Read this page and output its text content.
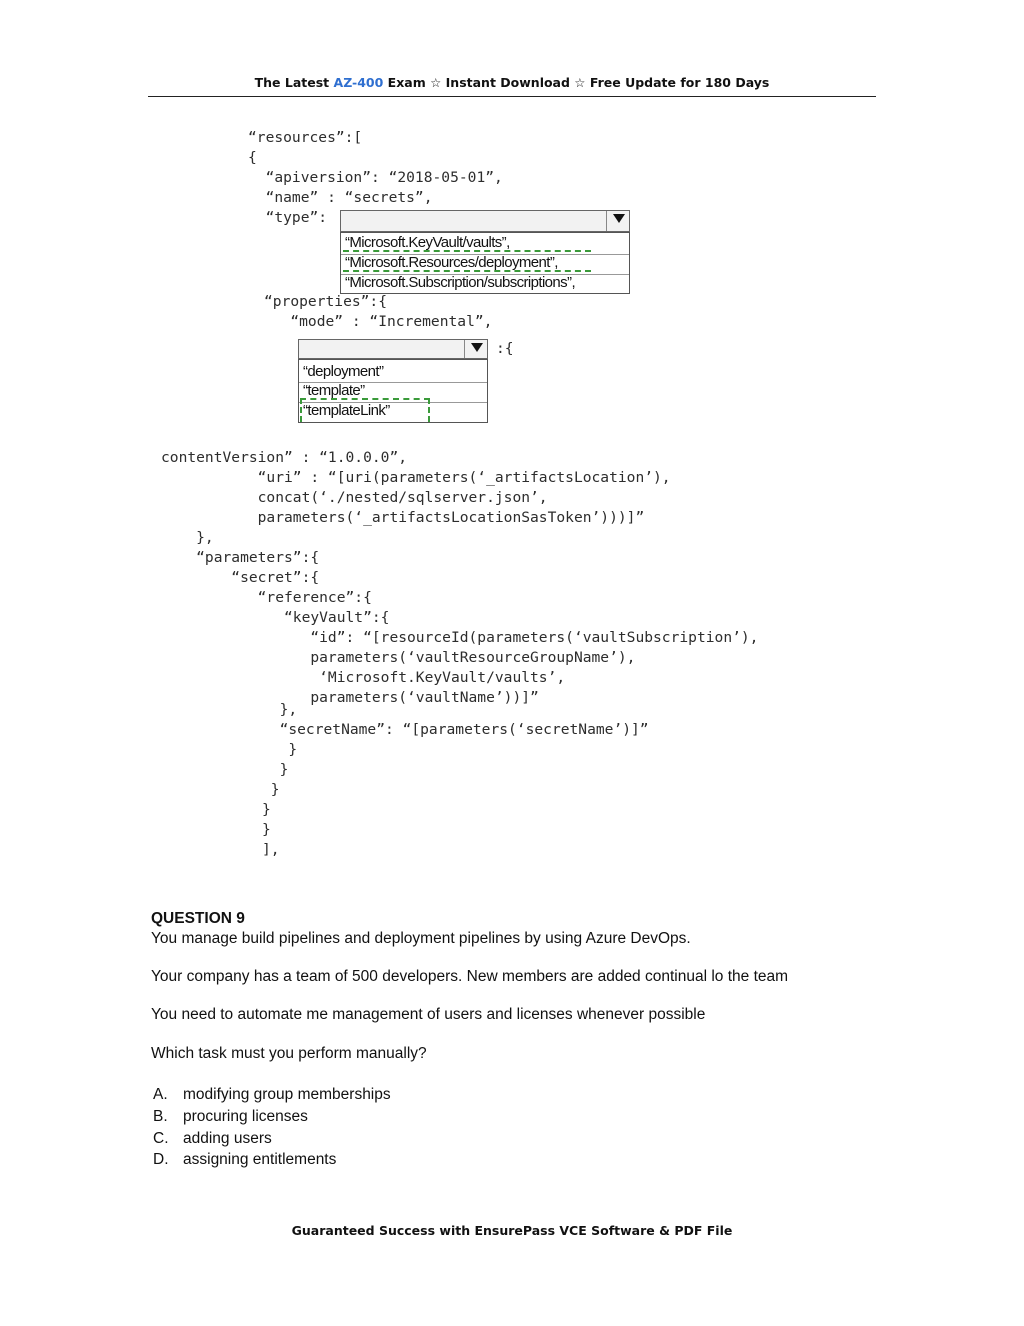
The Latest AZ-400 Exam ☆ Instant Download ☆ Free Update for 180 Days
“resources”:[
{
“apiversion”: “2018-05-01”,
“name” : “secrets”,
“type”:
“Microsoft.KeyVault/vaults”,
“Microsoft.Resources/deployment”,
“Microsoft.Subscription/subscriptions”,
“properties”:{
“mode” : “Incremental”,
:{
“deployment”
“template”
“templateLink”
contentVersion” : “1.0.0.0”,
“uri” : “[uri(parameters(‘_artifactsLocation’),
concat(‘./nested/sqlserver.json’,
parameters(‘_artifactsLocationSasToken’)))]”
},
“parameters”:{
“secret”:{
“reference”:{
“keyVault”:{
“id”: “[resourceId(parameters(‘vaultSubscription’),
parameters(‘vaultResourceGroupName’),
‘Microsoft.KeyVault/vaults’,
parameters(‘vaultName’))]”
},
“secretName”: “[parameters(‘secretName’)]”
}
}
}
}
}
],
QUESTION 9

You manage build pipelines and deployment pipelines by using Azure DevOps.

Your company has a team of 500 developers. New members are added continual lo the team

You need to automate me management of users and licenses whenever possible

Which task must you perform manually?

A. modifying group memberships
B. procuring licenses
C. adding users
D. assigning entitlements
Guaranteed Success with EnsurePass VCE Software & PDF File
